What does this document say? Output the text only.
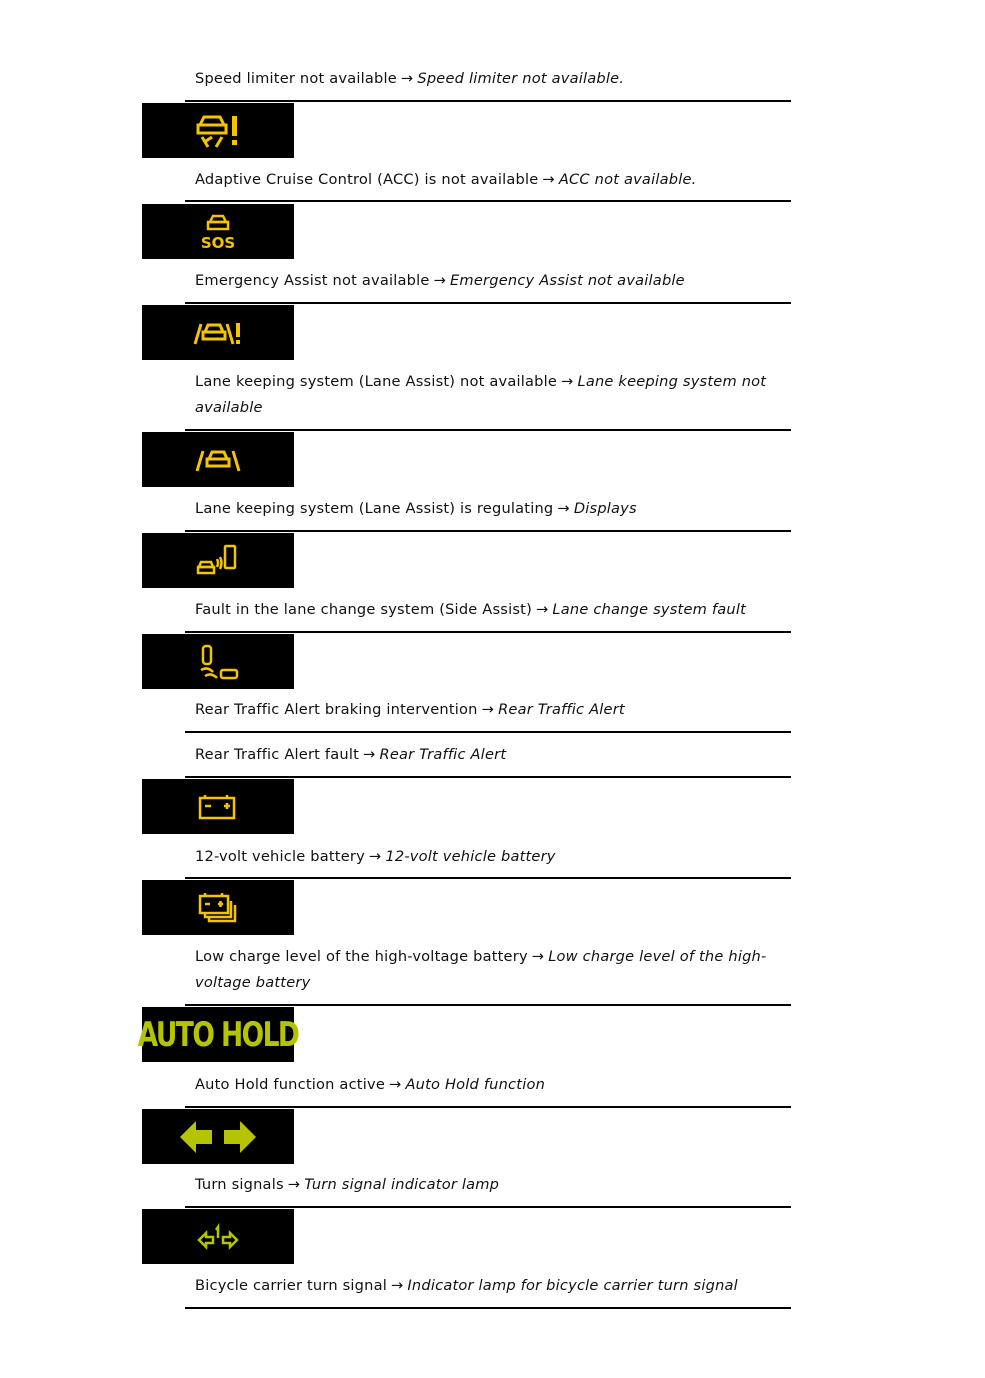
Speed limiter not available → Speed limiter not available.
Adaptive Cruise Control (ACC) is not available → ACC not available.
SOS
Emergency Assist not available → Emergency Assist not available
Lane keeping system (Lane Assist) not available → Lane keeping system not available
Lane keeping system (Lane Assist) is regulating → Displays
Fault in the lane change system (Side Assist) → Lane change system fault
Rear Traffic Alert braking intervention → Rear Traffic Alert
Rear Traffic Alert fault → Rear Traffic Alert
12-volt vehicle battery → 12-volt vehicle battery
Low charge level of the high-voltage battery → Low charge level of the high-voltage battery
AUTO HOLD
Auto Hold function active → Auto Hold function
Turn signals → Turn signal indicator lamp
Bicycle carrier turn signal → Indicator lamp for bicycle carrier turn signal
